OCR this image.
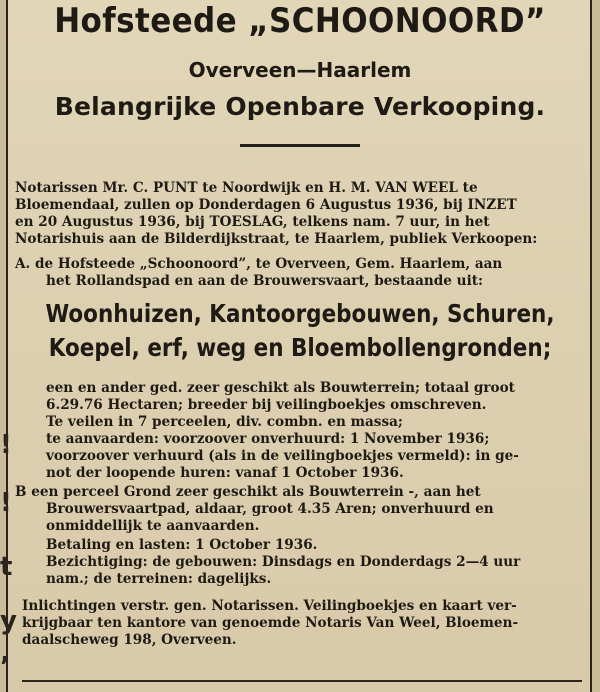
!
!
t
y
’
Hofsteede „SCHOONOORD”
Overveen—Haarlem
Belangrijke Openbare Verkooping.
Notarissen Mr. C. PUNT te Noordwijk en H. M. VAN WEEL te
Bloemendaal, zullen op Donderdagen 6 Augustus 1936, bij INZET
en 20 Augustus 1936, bij TOESLAG, telkens nam. 7 uur, in het
Notarishuis aan de Bilderdijkstraat, te Haarlem, publiek Verkoopen:
A. de Hofsteede „Schoonoord”, te Overveen, Gem. Haarlem, aan
het Rollandspad en aan de Brouwersvaart, bestaande uit:
Woonhuizen, Kantoorgebouwen, Schuren,
Koepel, erf, weg en Bloembollengronden;
een en ander ged. zeer geschikt als Bouwterrein; totaal groot
6.29.76 Hectaren; breeder bij veilingboekjes omschreven.
Te veilen in 7 perceelen, div. combn. en massa;
te aanvaarden: voorzoover onverhuurd: 1 November 1936;
voorzoover verhuurd (als in de veilingboekjes vermeld): in ge-
not der loopende huren: vanaf 1 October 1936.
B een perceel Grond zeer geschikt als Bouwterrein -, aan het
Brouwersvaartpad, aldaar, groot 4.35 Aren; onverhuurd en
onmiddellijk te aanvaarden.
Betaling en lasten: 1 October 1936.
Bezichtiging: de gebouwen: Dinsdags en Donderdags 2—4 uur
nam.; de terreinen: dagelijks.
Inlichtingen verstr. gen. Notarissen. Veilingboekjes en kaart ver-
krijgbaar ten kantore van genoemde Notaris Van Weel, Bloemen-
daalscheweg 198, Overveen.
